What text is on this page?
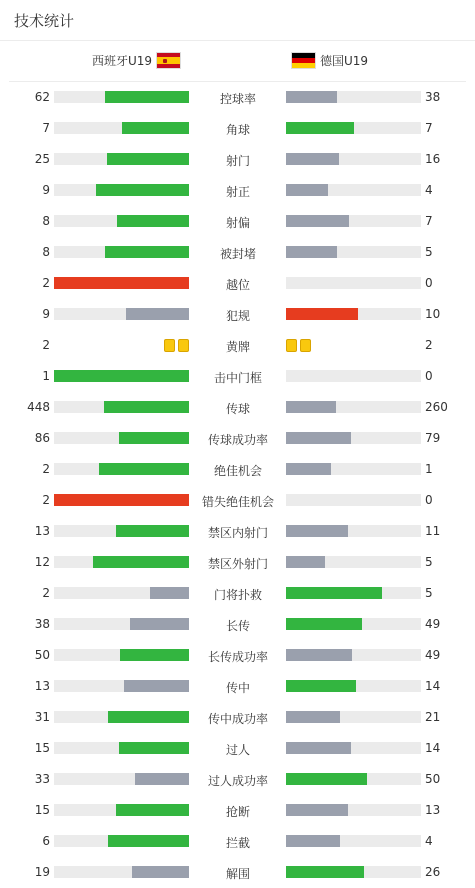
技术统计
西班牙U19	德国U19
62	控球率	38
7	角球	7
25	射门	16
9	射正	4
8	射偏	7
8	被封堵	5
2	越位	0
9	犯规	10
2	黄牌	2
1	击中门框	0
448	传球	260
86	传球成功率	79
2	绝佳机会	1
2	错失绝佳机会	0
13	禁区内射门	11
12	禁区外射门	5
2	门将扑救	5
38	长传	49
50	长传成功率	49
13	传中	14
31	传中成功率	21
15	过人	14
33	过人成功率	50
15	抢断	13
6	拦截	4
19	解围	26
